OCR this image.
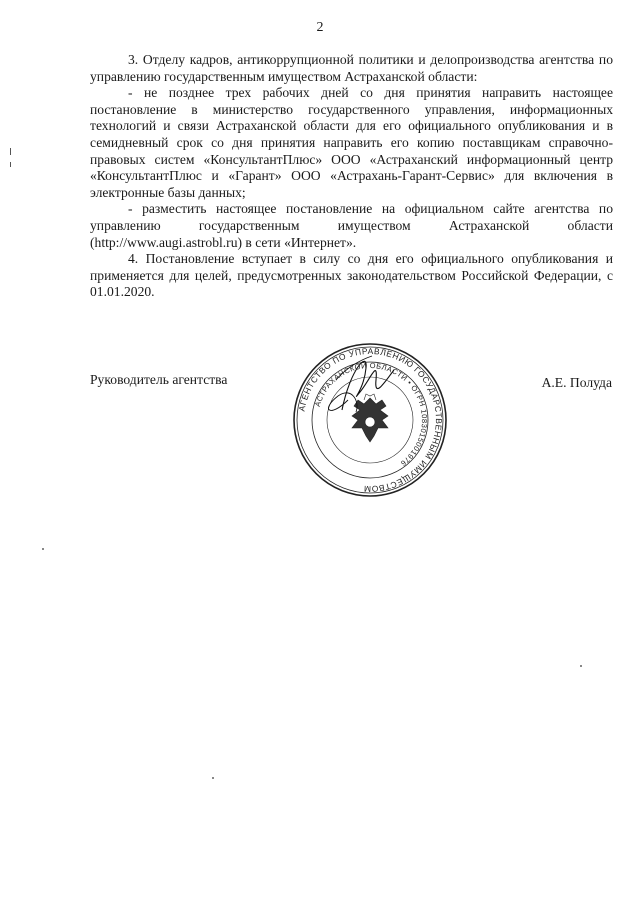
2

3. Отделу кадров, антикоррупционной политики и делопроизводства агентства по управлению государственным имуществом Астраханской области:

- не позднее трех рабочих дней со дня принятия направить настоящее постановление в министерство государственного управления, информационных технологий и связи Астраханской области для его официального опубликования и в семидневный срок со дня принятия направить его копию поставщикам справочно-правовых систем «КонсультантПлюс» ООО «Астраханский информационный центр «КонсультантПлюс и «Гарант» ООО «Астрахань-Гарант-Сервис» для включения в электронные базы данных;

- разместить настоящее постановление на официальном сайте агентства по управлению государственным имуществом Астраханской области (http://www.augi.astrobl.ru) в сети «Интернет».

4. Постановление вступает в силу со дня его официального опубликования и применяется для целей, предусмотренных законодательством Российской Федерации, с 01.01.2020.

Руководитель агентства	А.Е. Полуда
АГЕНТСТВО ПО УПРАВЛЕНИЮ ГОСУДАРСТВЕННЫМ ИМУЩЕСТВОМ
АСТРАХАНСКОЙ ОБЛАСТИ • ОГРН 1083015001976
